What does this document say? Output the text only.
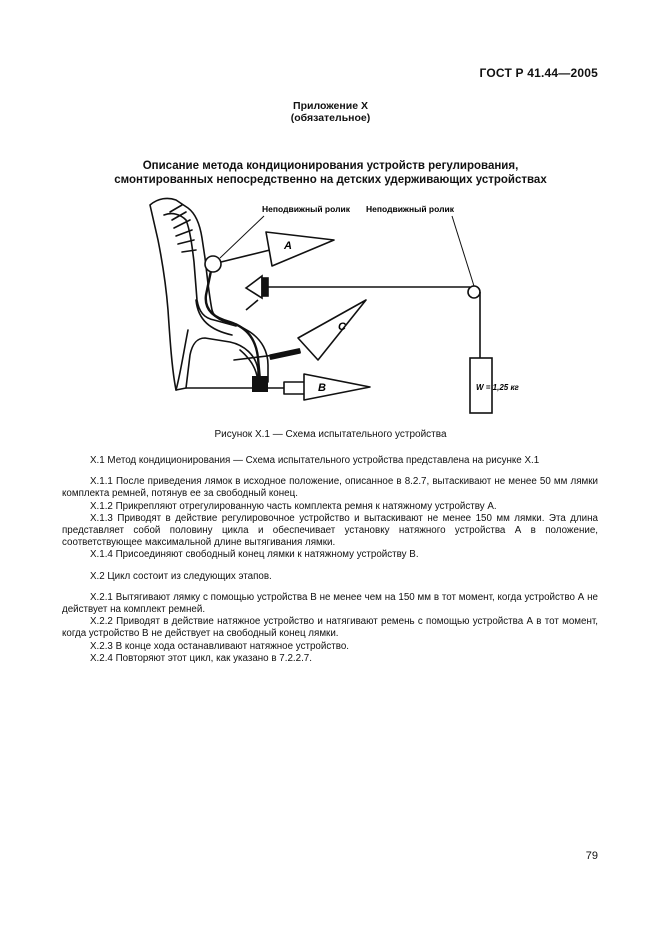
ГОСТ Р 41.44—2005
Приложение Х
(обязательное)
Описание метода кондиционирования устройств регулирования,
смонтированных непосредственно на детских удерживающих устройствах
A
W = 1,25 кг
C
B
Неподвижный ролик Неподвижный ролик
Рисунок Х.1 — Схема испытательного устройства

Х.1 Метод кондиционирования — Схема испытательного устройства представлена на рисунке Х.1

Х.1.1 После приведения лямок в исходное положение, описанное в 8.2.7, вытаскивают не менее 50 мм лямки комплекта ремней, потянув ее за свободный конец.

Х.1.2 Прикрепляют отрегулированную часть комплекта ремня к натяжному устройству А.

Х.1.3 Приводят в действие регулировочное устройство и вытаскивают не менее 150 мм лямки. Эта длина представляет собой половину цикла и обеспечивает установку натяжного устройства А в положение, соответствующее максимальной длине вытягивания лямки.

Х.1.4 Присоединяют свободный конец лямки к натяжному устройству В.

Х.2 Цикл состоит из следующих этапов.

Х.2.1 Вытягивают лямку с помощью устройства В не менее чем на 150 мм в тот момент, когда устройство А не действует на комплект ремней.

Х.2.2 Приводят в действие натяжное устройство и натягивают ремень с помощью устройства А в тот момент, когда устройство В не действует на свободный конец лямки.

Х.2.3 В конце хода останавливают натяжное устройство.

Х.2.4 Повторяют этот цикл, как указано в 7.2.2.7.

79
